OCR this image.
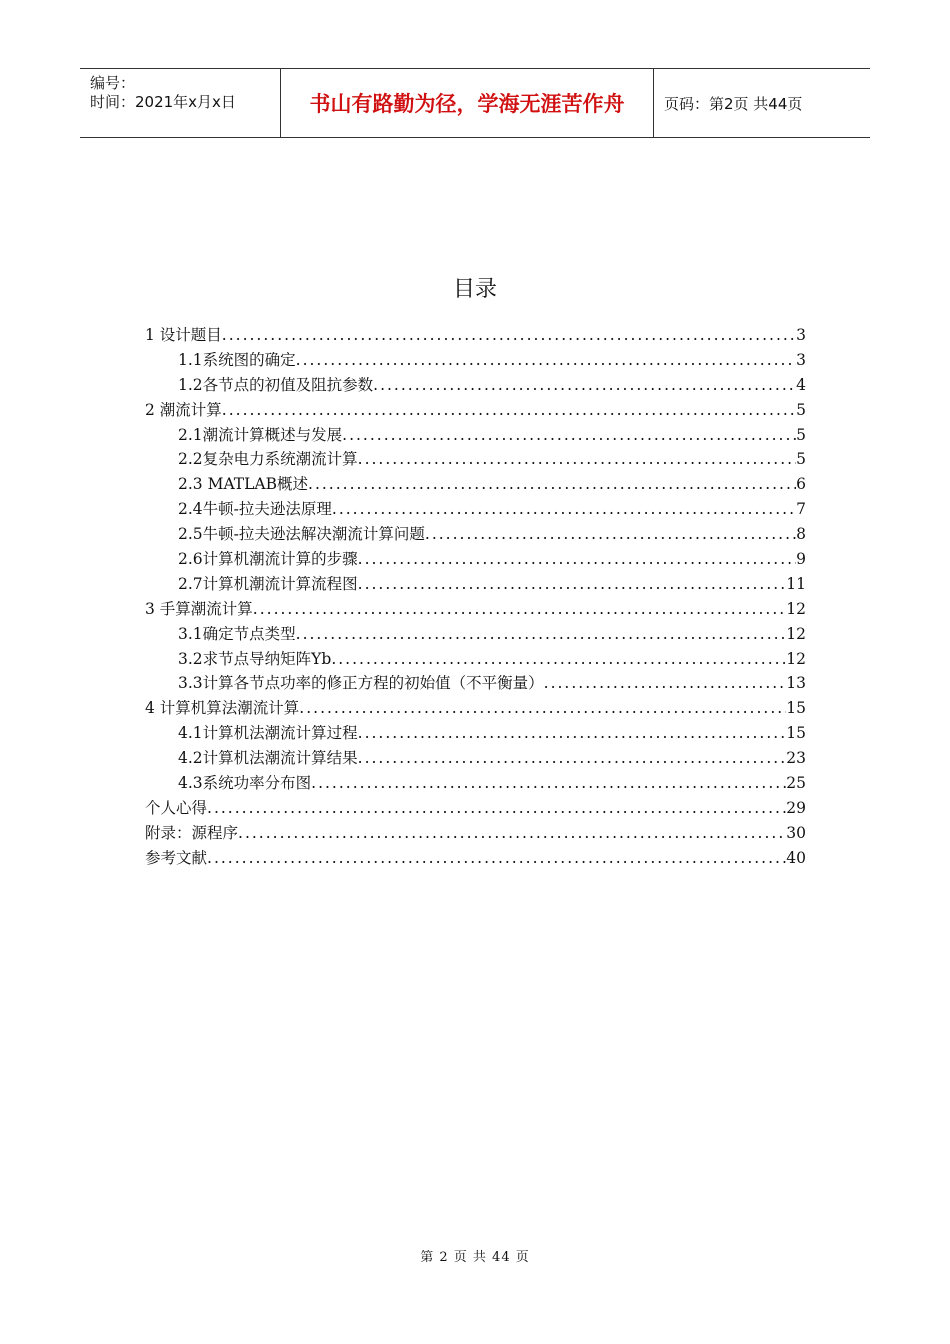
编号：
时间：2021年x月x日	书山有路勤为径，学海无涯苦作舟	页码：第2页 共44页
目录
1 设计题目 .....	3
1.1系统图的确定 .....	3
1.2各节点的初值及阻抗参数 .....	4
2 潮流计算 .....	5
2.1潮流计算概述与发展 .....	5
2.2复杂电力系统潮流计算 .....	5
2.3 MATLAB概述 .....	6
2.4牛顿-拉夫逊法原理 .....	7
2.5牛顿-拉夫逊法解决潮流计算问题 .....	8
2.6计算机潮流计算的步骤 .....	9
2.7计算机潮流计算流程图 .....	11
3 手算潮流计算 .....	12
3.1确定节点类型 .....	12
3.2求节点导纳矩阵Yb .....	12
3.3计算各节点功率的修正方程的初始值（不平衡量） .....	13
4 计算机算法潮流计算 .....	15
4.1计算机法潮流计算过程 .....	15
4.2计算机法潮流计算结果 .....	23
4.3系统功率分布图 .....	25
个人心得 .....	29
附录：源程序 .....	30
参考文献 .....	40
第 2 页 共 44 页
